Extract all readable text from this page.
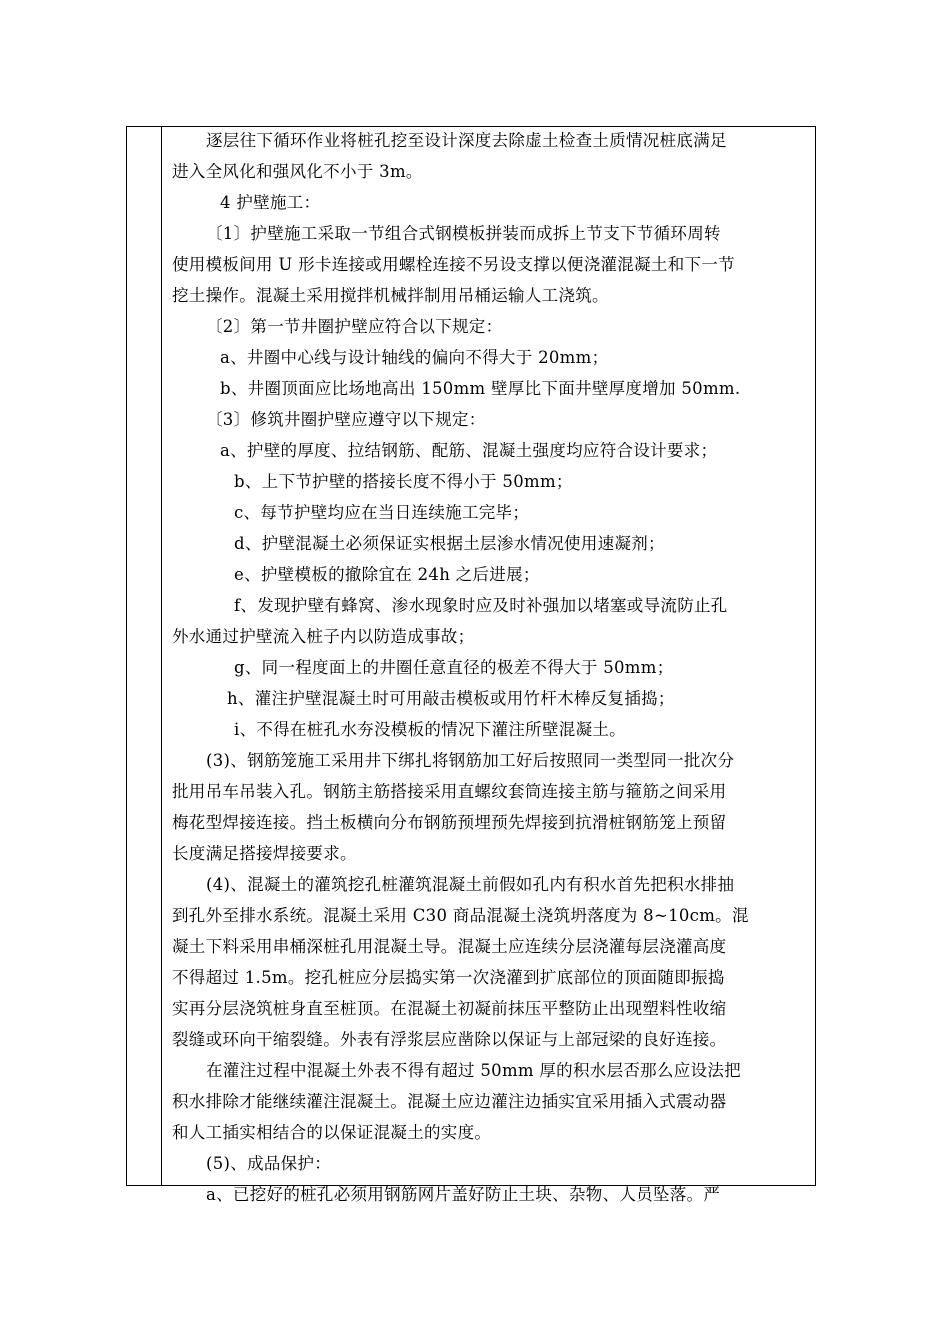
逐层往下循环作业将桩孔挖至设计深度去除虚土检查土质情况桩底满足
进入全风化和强风化不小于 3m。
4 护壁施工：
〔1〕护壁施工采取一节组合式钢模板拼装而成拆上节支下节循环周转
使用模板间用 U 形卡连接或用螺栓连接不另设支撑以便浇灌混凝土和下一节
挖土操作。混凝土采用搅拌机械拌制用吊桶运输人工浇筑。
〔2〕第一节井圈护壁应符合以下规定：
a、井圈中心线与设计轴线的偏向不得大于 20mm；
b、井圈顶面应比场地高出 150mm 壁厚比下面井壁厚度增加 50mm.
〔3〕修筑井圈护壁应遵守以下规定：
a、护壁的厚度、拉结钢筋、配筋、混凝土强度均应符合设计要求；
b、上下节护壁的搭接长度不得小于 50mm；
c、每节护壁均应在当日连续施工完毕；
d、护壁混凝土必须保证实根据土层渗水情况使用速凝剂；
e、护壁模板的撤除宜在 24h 之后进展；
f、发现护壁有蜂窝、渗水现象时应及时补强加以堵塞或导流防止孔
外水通过护壁流入桩子内以防造成事故；
g、同一程度面上的井圈任意直径的极差不得大于 50mm；
h、灌注护壁混凝土时可用敲击模板或用竹杆木棒反复插捣；
i、不得在桩孔水夯没模板的情况下灌注所壁混凝土。
(3)、钢筋笼施工采用井下绑扎将钢筋加工好后按照同一类型同一批次分
批用吊车吊装入孔。钢筋主筋搭接采用直螺纹套筒连接主筋与箍筋之间采用
梅花型焊接连接。挡土板横向分布钢筋预埋预先焊接到抗滑桩钢筋笼上预留
长度满足搭接焊接要求。
(4)、混凝土的灌筑挖孔桩灌筑混凝土前假如孔内有积水首先把积水排抽
到孔外至排水系统。混凝土采用 C30 商品混凝土浇筑坍落度为 8~10cm。混
凝土下料采用串桶深桩孔用混凝土导。混凝土应连续分层浇灌每层浇灌高度
不得超过 1.5m。挖孔桩应分层捣实第一次浇灌到扩底部位的顶面随即振捣
实再分层浇筑桩身直至桩顶。在混凝土初凝前抹压平整防止出现塑料性收缩
裂缝或环向干缩裂缝。外表有浮浆层应凿除以保证与上部冠梁的良好连接。
在灌注过程中混凝土外表不得有超过 50mm 厚的积水层否那么应设法把
积水排除才能继续灌注混凝土。混凝土应边灌注边插实宜采用插入式震动器
和人工插实相结合的以保证混凝土的实度。
(5)、成品保护：
a、已挖好的桩孔必须用钢筋网片盖好防止土块、杂物、人员坠落。严
